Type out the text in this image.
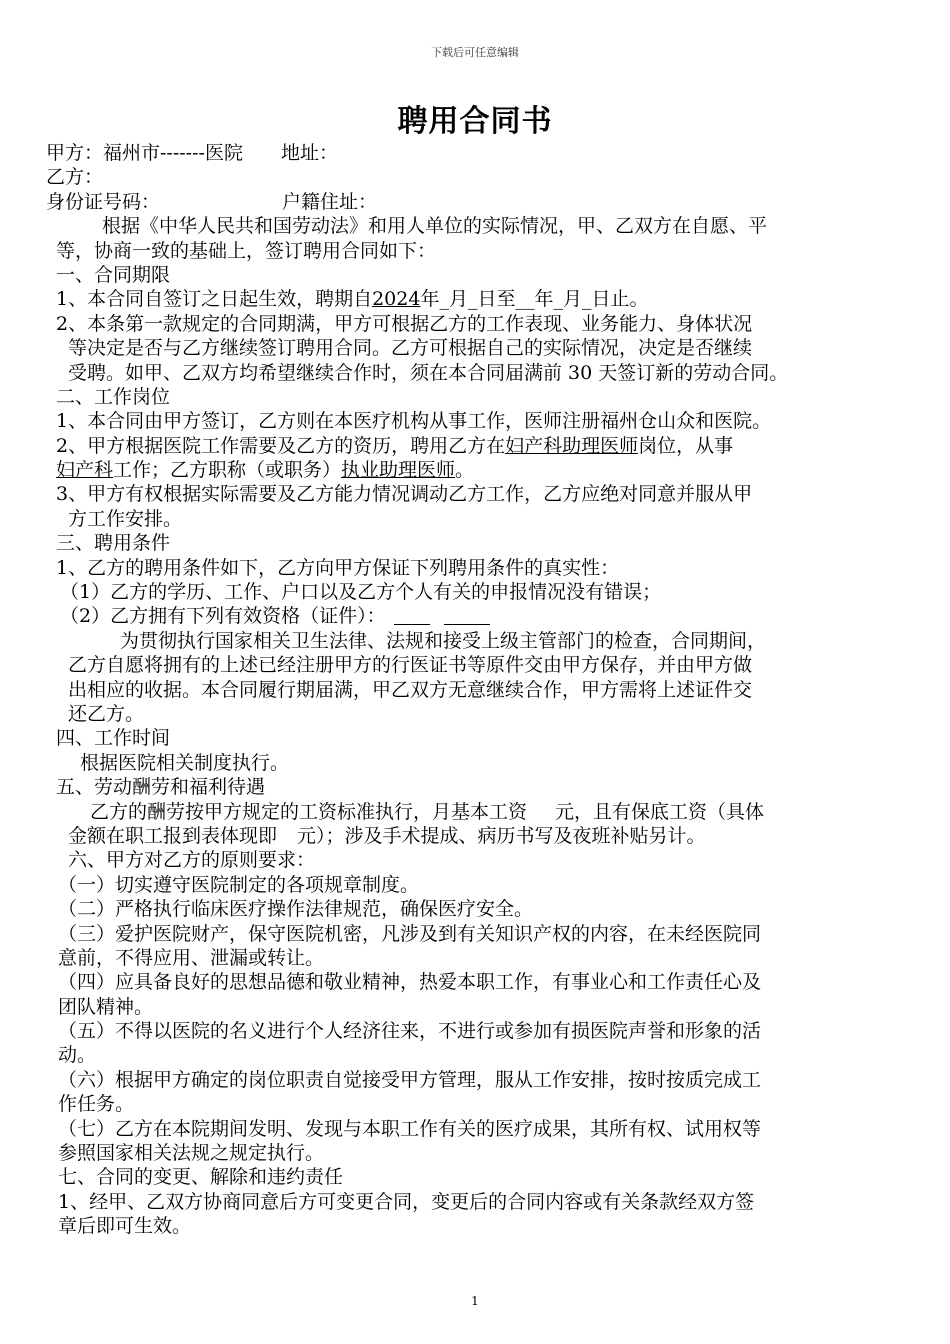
下载后可任意编辑
聘用合同书
甲方：福州市-------医院 地址：
乙方：
身份证号码：	户籍住址：
根据《中华人民共和国劳动法》和用人单位的实际情况，甲、乙双方在自愿、平
等，协商一致的基础上，签订聘用合同如下：
一、合同期限
1、本合同自签订之日起生效，聘期自2024年_月_日至__年_月_日止。
2、本条第一款规定的合同期满，甲方可根据乙方的工作表现、业务能力、身体状况
等决定是否与乙方继续签订聘用合同。乙方可根据自己的实际情况，决定是否继续
受聘。如甲、乙双方均希望继续合作时，须在本合同届满前 30 天签订新的劳动合同。
二、工作岗位
1、本合同由甲方签订，乙方则在本医疗机构从事工作，医师注册福州仓山众和医院。
2、甲方根据医院工作需要及乙方的资历，聘用乙方在妇产科助理医师岗位，从事
妇产科工作；乙方职称（或职务）执业助理医师。
3、甲方有权根据实际需要及乙方能力情况调动乙方工作，乙方应绝对同意并服从甲
方工作安排。
三、聘用条件
1、乙方的聘用条件如下，乙方向甲方保证下列聘用条件的真实性：
（1）乙方的学历、工作、户口以及乙方个人有关的申报情况没有错误；
（2）乙方拥有下列有效资格（证件）：
为贯彻执行国家相关卫生法律、法规和接受上级主管部门的检查，合同期间，
乙方自愿将拥有的上述已经注册甲方的行医证书等原件交由甲方保存，并由甲方做
出相应的收据。本合同履行期届满，甲乙双方无意继续合作，甲方需将上述证件交
还乙方。
四、工作时间
根据医院相关制度执行。
五、劳动酬劳和福利待遇
乙方的酬劳按甲方规定的工资标准执行，月基本工资 元，且有保底工资（具体
金额在职工报到表体现即 元）；涉及手术提成、病历书写及夜班补贴另计。
六、甲方对乙方的原则要求：
（一）切实遵守医院制定的各项规章制度。
（二）严格执行临床医疗操作法律规范，确保医疗安全。
（三）爱护医院财产，保守医院机密，凡涉及到有关知识产权的内容，在未经医院同
意前，不得应用、泄漏或转让。
（四）应具备良好的思想品德和敬业精神，热爱本职工作，有事业心和工作责任心及
团队精神。
（五）不得以医院的名义进行个人经济往来，不进行或参加有损医院声誉和形象的活
动。
（六）根据甲方确定的岗位职责自觉接受甲方管理，服从工作安排，按时按质完成工
作任务。
（七）乙方在本院期间发明、发现与本职工作有关的医疗成果，其所有权、试用权等
参照国家相关法规之规定执行。
七、合同的变更、解除和违约责任
1、经甲、乙双方协商同意后方可变更合同，变更后的合同内容或有关条款经双方签
章后即可生效。
1
